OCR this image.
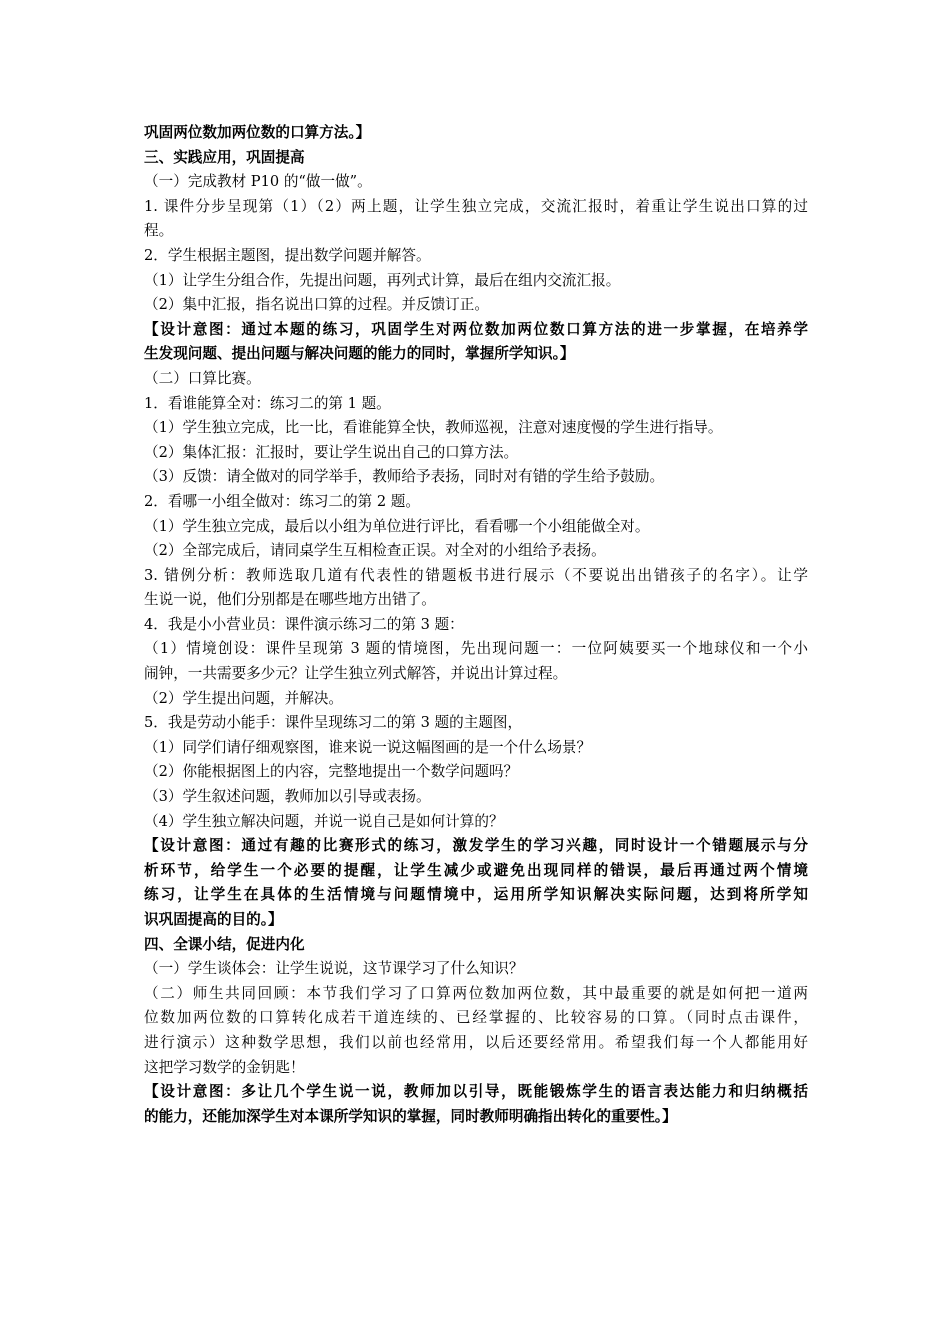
巩固两位数加两位数的口算方法。】
三、实践应用，巩固提高
（一）完成教材 P10 的“做一做”。
1. 课件分步呈现第（1）（2）两上题，让学生独立完成，交流汇报时，着重让学生说出口算的过
程。
2．学生根据主题图，提出数学问题并解答。
（1）让学生分组合作，先提出问题，再列式计算，最后在组内交流汇报。
（2）集中汇报，指名说出口算的过程。并反馈订正。
【设计意图：通过本题的练习，巩固学生对两位数加两位数口算方法的进一步掌握，在培养学
生发现问题、提出问题与解决问题的能力的同时，掌握所学知识。】
（二）口算比赛。
1．看谁能算全对：练习二的第 1 题。
（1）学生独立完成，比一比，看谁能算全快，教师巡视，注意对速度慢的学生进行指导。
（2）集体汇报：汇报时，要让学生说出自己的口算方法。
（3）反馈：请全做对的同学举手，教师给予表扬，同时对有错的学生给予鼓励。
2．看哪一小组全做对：练习二的第 2 题。
（1）学生独立完成，最后以小组为单位进行评比，看看哪一个小组能做全对。
（2）全部完成后，请同桌学生互相检查正误。对全对的小组给予表扬。
3. 错例分析：教师选取几道有代表性的错题板书进行展示（不要说出出错孩子的名字）。让学
生说一说，他们分别都是在哪些地方出错了。
4．我是小小营业员：课件演示练习二的第 3 题：
（1）情境创设：课件呈现第 3 题的情境图，先出现问题一：一位阿姨要买一个地球仪和一个小
闹钟，一共需要多少元？让学生独立列式解答，并说出计算过程。
（2）学生提出问题，并解决。
5．我是劳动小能手：课件呈现练习二的第 3 题的主题图，
（1）同学们请仔细观察图，谁来说一说这幅图画的是一个什么场景？
（2）你能根据图上的内容，完整地提出一个数学问题吗？
（3）学生叙述问题，教师加以引导或表扬。
（4）学生独立解决问题，并说一说自己是如何计算的？
【设计意图：通过有趣的比赛形式的练习，激发学生的学习兴趣，同时设计一个错题展示与分
析环节，给学生一个必要的提醒，让学生减少或避免出现同样的错误，最后再通过两个情境
练习，让学生在具体的生活情境与问题情境中，运用所学知识解决实际问题，达到将所学知
识巩固提高的目的。】
四、全课小结，促进内化
（一）学生谈体会：让学生说说，这节课学习了什么知识？
（二）师生共同回顾：本节我们学习了口算两位数加两位数，其中最重要的就是如何把一道两
位数加两位数的口算转化成若干道连续的、已经掌握的、比较容易的口算。（同时点击课件，
进行演示）这种数学思想，我们以前也经常用，以后还要经常用。希望我们每一个人都能用好
这把学习数学的金钥匙！
【设计意图：多让几个学生说一说，教师加以引导，既能锻炼学生的语言表达能力和归纳概括
的能力，还能加深学生对本课所学知识的掌握，同时教师明确指出转化的重要性。】
